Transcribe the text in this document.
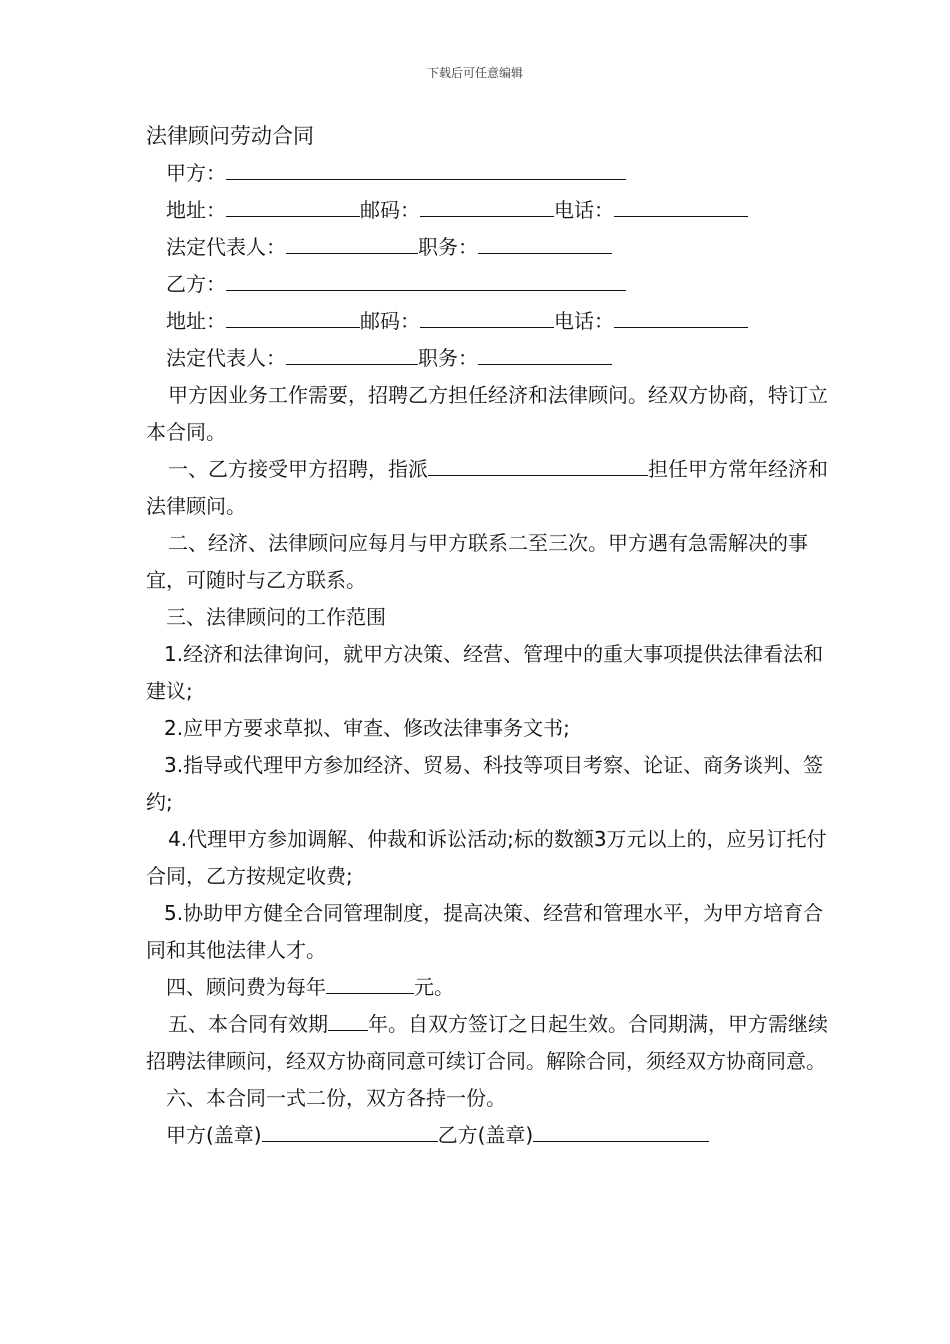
下载后可任意编辑

法律顾问劳动合同

甲方：

地址：	邮码：	电话：

法定代表人：	职务：

乙方：

地址：	邮码：	电话：

法定代表人：	职务：

甲方因业务工作需要，招聘乙方担任经济和法律顾问。经双方协商，特订立本合同。

一、乙方接受甲方招聘，指派	担任甲方常年经济和法律顾问。

二、经济、法律顾问应每月与甲方联系二至三次。甲方遇有急需解决的事宜，可随时与乙方联系。

三、法律顾问的工作范围

1.经济和法律询问，就甲方决策、经营、管理中的重大事项提供法律看法和建议;

2.应甲方要求草拟、审查、修改法律事务文书;

3.指导或代理甲方参加经济、贸易、科技等项目考察、论证、商务谈判、签约;

4.代理甲方参加调解、仲裁和诉讼活动;标的数额3万元以上的，应另订托付合同，乙方按规定收费;

5.协助甲方健全合同管理制度，提高决策、经营和管理水平，为甲方培育合同和其他法律人才。

四、顾问费为每年	元。

五、本合同有效期 年。自双方签订之日起生效。合同期满，甲方需继续招聘法律顾问，经双方协商同意可续订合同。解除合同，须经双方协商同意。

六、本合同一式二份，双方各持一份。

甲方(盖章)	乙方(盖章)
